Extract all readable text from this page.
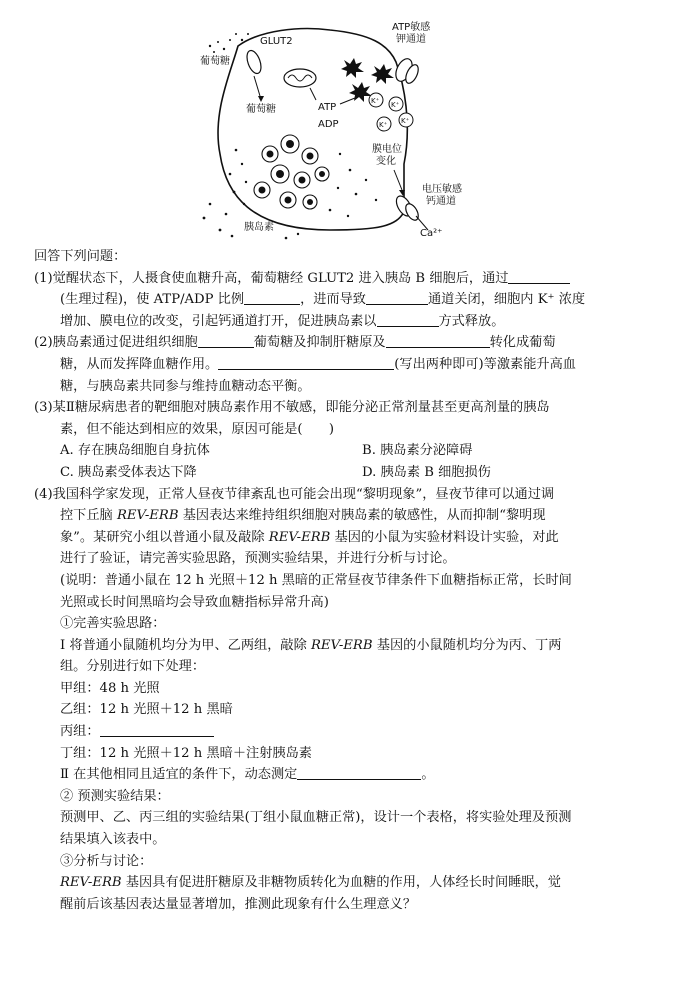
GLUT2
葡萄糖
葡萄糖	ATP
ADP
ATP敏感钾通道
K⁺ K⁺
K⁺ K⁺
膜电位变化
电压敏感钙通道
Ca²⁺
胰岛素
回答下列问题：
(1)觉醒状态下，人摄食使血糖升高，葡萄糖经 GLUT2 进入胰岛 B 细胞后，通过
(生理过程)，使 ATP/ADP 比例	，进而导致	通道关闭，细胞内 K⁺ 浓度
增加、膜电位的改变，引起钙通道打开，促进胰岛素以	方式释放。
(2)胰岛素通过促进组织细胞	葡萄糖及抑制肝糖原及	转化成葡萄
糖，从而发挥降血糖作用。	(写出两种即可)等激素能升高血
糖，与胰岛素共同参与维持血糖动态平衡。
(3)某Ⅱ糖尿病患者的靶细胞对胰岛素作用不敏感，即能分泌正常剂量甚至更高剂量的胰岛
素，但不能达到相应的效果，原因可能是(　　)
A. 存在胰岛细胞自身抗体	B. 胰岛素分泌障碍
C. 胰岛素受体表达下降	D. 胰岛素 B 细胞损伤
(4)我国科学家发现，正常人昼夜节律紊乱也可能会出现“黎明现象”，昼夜节律可以通过调
控下丘脑 REV-ERB 基因表达来维持组织细胞对胰岛素的敏感性，从而抑制“黎明现
象”。某研究小组以普通小鼠及敲除 REV-ERB 基因的小鼠为实验材料设计实验，对此
进行了验证，请完善实验思路，预测实验结果，并进行分析与讨论。
(说明：普通小鼠在 12 h 光照＋12 h 黑暗的正常昼夜节律条件下血糖指标正常，长时间
光照或长时间黑暗均会导致血糖指标异常升高)
①完善实验思路：
Ⅰ 将普通小鼠随机均分为甲、乙两组，敲除 REV-ERB 基因的小鼠随机均分为丙、丁两
组。分别进行如下处理：
甲组：48 h 光照
乙组：12 h 光照＋12 h 黑暗
丙组：
丁组：12 h 光照＋12 h 黑暗＋注射胰岛素
Ⅱ 在其他相同且适宜的条件下，动态测定	。
② 预测实验结果：
预测甲、乙、丙三组的实验结果(丁组小鼠血糖正常)，设计一个表格，将实验处理及预测
结果填入该表中。
③分析与讨论：
REV-ERB 基因具有促进肝糖原及非糖物质转化为血糖的作用，人体经长时间睡眠，觉
醒前后该基因表达量显著增加，推测此现象有什么生理意义？
